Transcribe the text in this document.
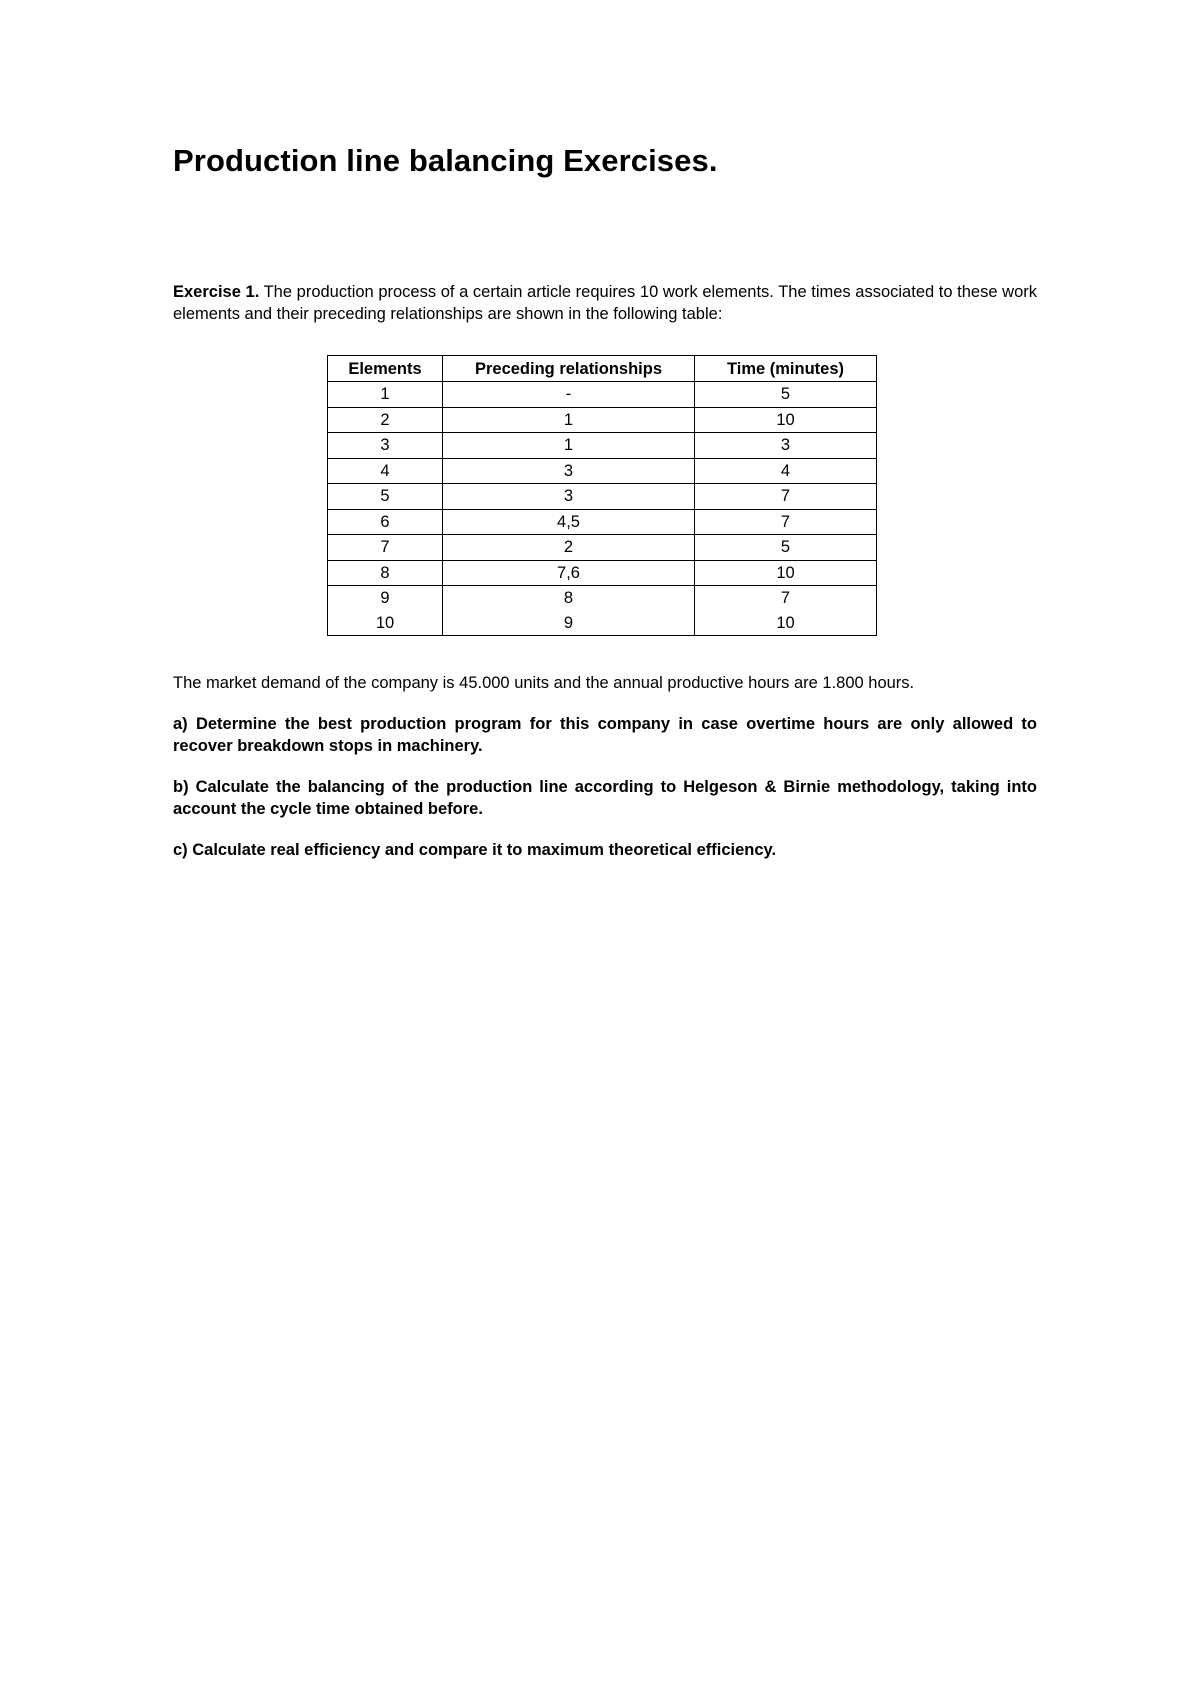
Production line balancing Exercises.

Exercise 1. The production process of a certain article requires 10 work elements. The times associated to these work elements and their preceding relationships are shown in the following table:

Elements	Preceding relationships	Time (minutes)
1	-	5
2	1	10
3	1	3
4	3	4
5	3	7
6	4,5	7
7	2	5
8	7,6	10
9	8	7
10	9	10

The market demand of the company is 45.000 units and the annual productive hours are 1.800 hours.

a) Determine the best production program for this company in case overtime hours are only allowed to recover breakdown stops in machinery.

b) Calculate the balancing of the production line according to Helgeson & Birnie methodology, taking into account the cycle time obtained before.

c) Calculate real efficiency and compare it to maximum theoretical efficiency.
